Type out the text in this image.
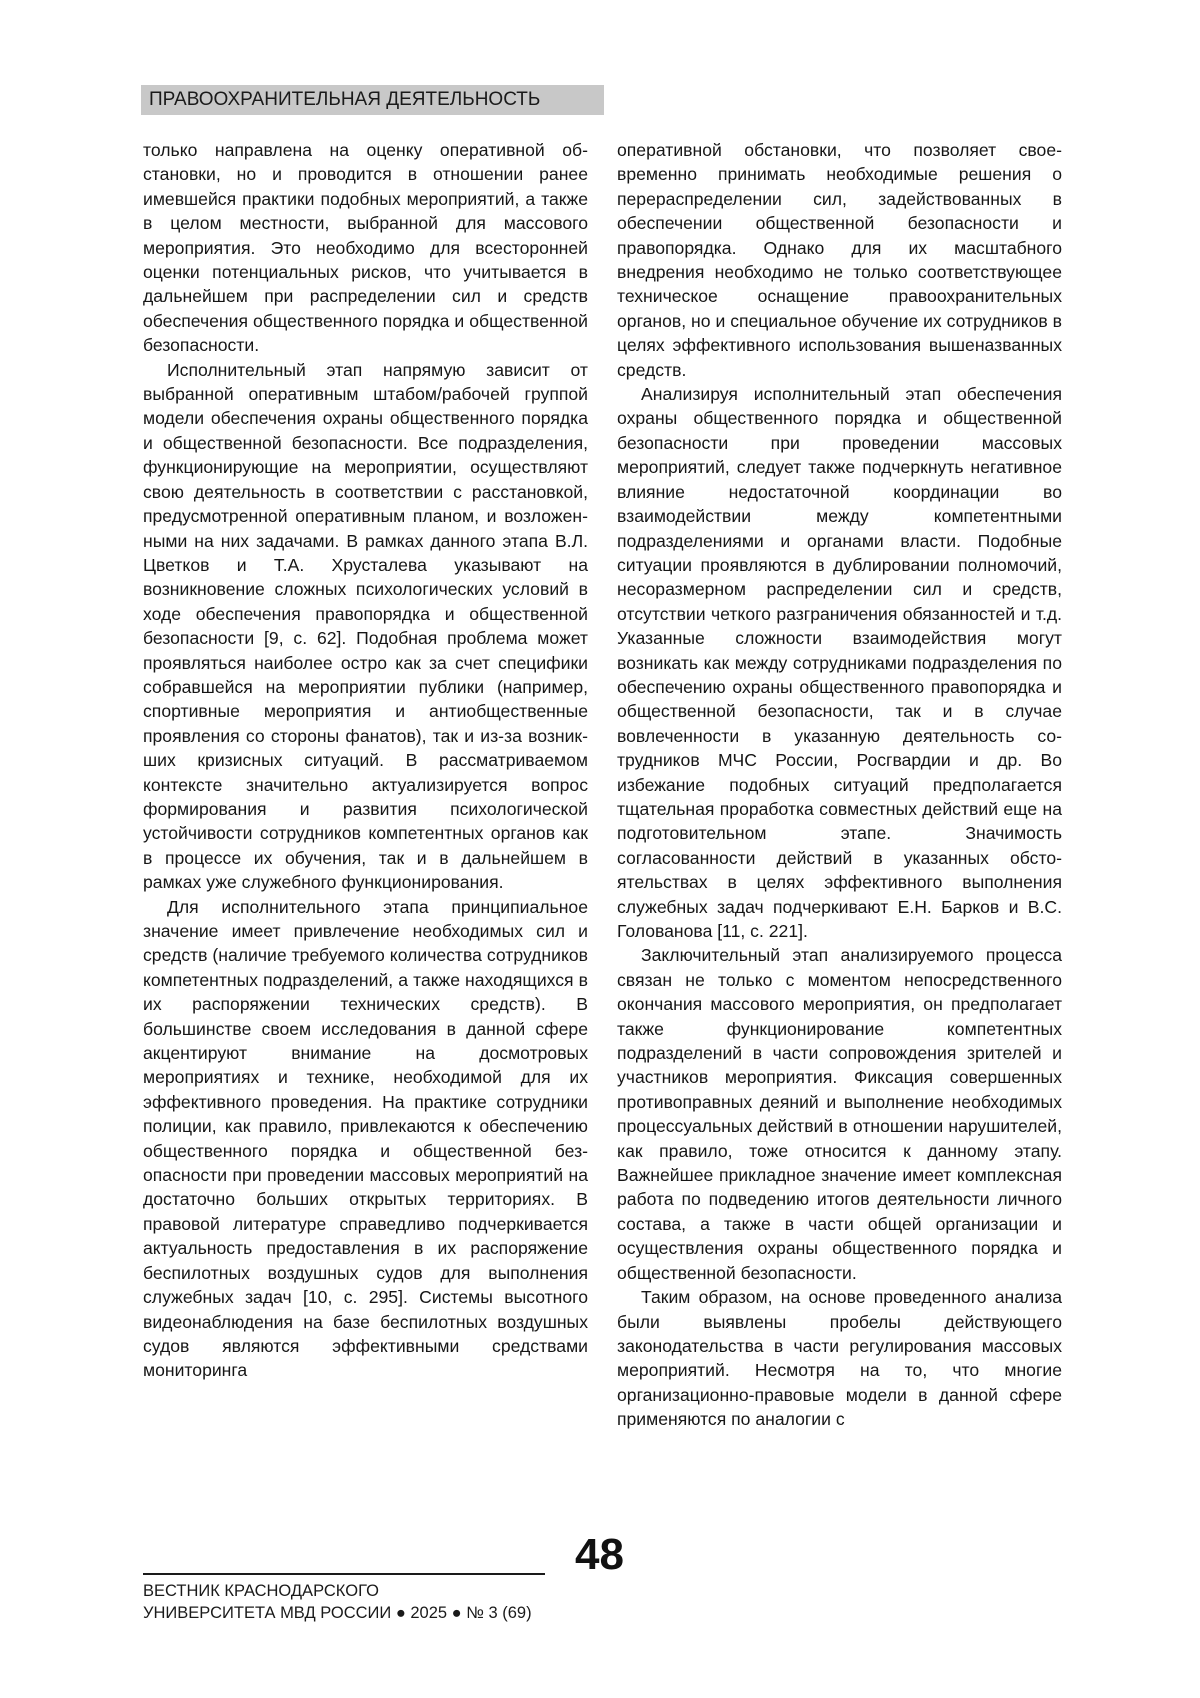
ПРАВООХРАНИТЕЛЬНАЯ ДЕЯТЕЛЬНОСТЬ

только направлена на оценку оперативной обстановки, но и проводится в отношении ранее имевшейся практики подобных мероприятий, а также в целом местности, выбранной для массового мероприятия. Это необходимо для всесторонней оценки потенциальных рисков, что учитывается в дальнейшем при распределении сил и средств обеспечения общественного порядка и общественной безопасности.

Исполнительный этап напрямую зависит от выбранной оперативным штабом/рабочей группой модели обеспечения охраны общественного порядка и общественной безопасности. Все подразделения, функционирующие на мероприятии, осуществляют свою деятельность в соответствии с расстановкой, предусмотренной оперативным планом, и возложенными на них задачами. В рамках данного этапа В.Л. Цветков и Т.А. Хрусталева указывают на возникновение сложных психологических условий в ходе обеспечения правопорядка и общественной безопасности [9, с. 62]. Подобная проблема может проявляться наиболее остро как за счет специфики собравшейся на мероприятии публики (например, спортивные мероприятия и антиобщественные проявления со стороны фанатов), так и из-за возникших кризисных ситуаций. В рассматриваемом контексте значительно актуализируется вопрос формирования и развития психологической устойчивости сотрудников компетентных органов как в процессе их обучения, так и в дальнейшем в рамках уже служебного функционирования.

Для исполнительного этапа принципиальное значение имеет привлечение необходимых сил и средств (наличие требуемого количества сотрудников компетентных подразделений, а также находящихся в их распоряжении технических средств). В большинстве своем исследования в данной сфере акцентируют внимание на досмотровых мероприятиях и технике, необходимой для их эффективного проведения. На практике сотрудники полиции, как правило, привлекаются к обеспечению общественного порядка и общественной безопасности при проведении массовых мероприятий на достаточно больших открытых территориях. В правовой литературе справедливо подчеркивается актуальность предоставления в их распоряжение беспилотных воздушных судов для выполнения служебных задач [10, с. 295]. Системы высотного видеонаблюдения на базе беспилотных воздушных судов являются эффективными средствами мониторинга

оперативной обстановки, что позволяет своевременно принимать необходимые решения о перераспределении сил, задействованных в обеспечении общественной безопасности и правопорядка. Однако для их масштабного внедрения необходимо не только соответствующее техническое оснащение правоохранительных органов, но и специальное обучение их сотрудников в целях эффективного использования вышеназванных средств.

Анализируя исполнительный этап обеспечения охраны общественного порядка и общественной безопасности при проведении массовых мероприятий, следует также подчеркнуть негативное влияние недостаточной координации во взаимодействии между компетентными подразделениями и органами власти. Подобные ситуации проявляются в дублировании полномочий, несоразмерном распределении сил и средств, отсутствии четкого разграничения обязанностей и т.д. Указанные сложности взаимодействия могут возникать как между сотрудниками подразделения по обеспечению охраны общественного правопорядка и общественной безопасности, так и в случае вовлеченности в указанную деятельность сотрудников МЧС России, Росгвардии и др. Во избежание подобных ситуаций предполагается тщательная проработка совместных действий еще на подготовительном этапе. Значимость согласованности действий в указанных обстоятельствах в целях эффективного выполнения служебных задач подчеркивают Е.Н. Барков и В.С. Голованова [11, с. 221].

Заключительный этап анализируемого процесса связан не только с моментом непосредственного окончания массового мероприятия, он предполагает также функционирование компетентных подразделений в части сопровождения зрителей и участников мероприятия. Фиксация совершенных противоправных деяний и выполнение необходимых процессуальных действий в отношении нарушителей, как правило, тоже относится к данному этапу. Важнейшее прикладное значение имеет комплексная работа по подведению итогов деятельности личного состава, а также в части общей организации и осуществления охраны общественного порядка и общественной безопасности.

Таким образом, на основе проведенного анализа были выявлены пробелы действующего законодательства в части регулирования массовых мероприятий. Несмотря на то, что многие организационно-правовые модели в данной сфере применяются по аналогии с

48
ВЕСТНИК КРАСНОДАРСКОГО
УНИВЕРСИТЕТА МВД РОССИИ ● 2025 ● № 3 (69)
